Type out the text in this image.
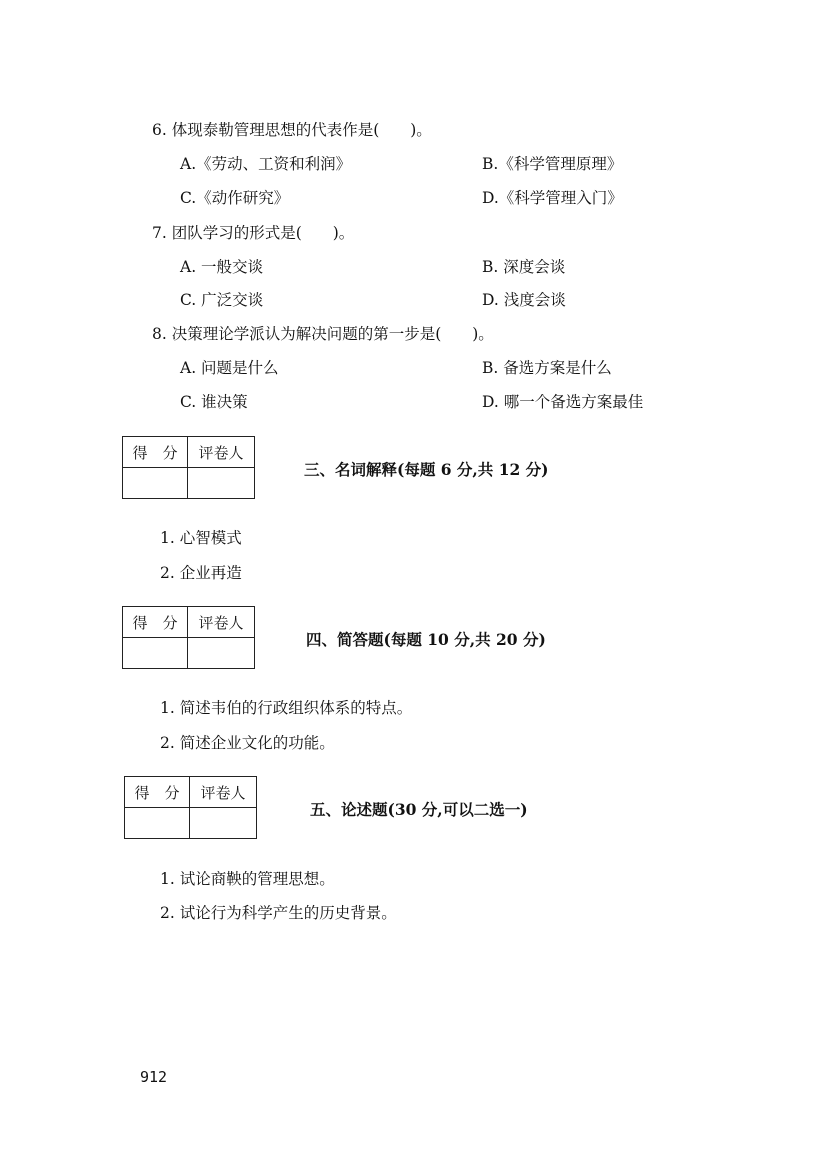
6. 体现泰勒管理思想的代表作是(　　)。
A.《劳动、工资和利润》	B.《科学管理原理》
C.《动作研究》	D.《科学管理入门》
7. 团队学习的形式是(　　)。
A. 一般交谈	B. 深度会谈
C. 广泛交谈	D. 浅度会谈
8. 决策理论学派认为解决问题的第一步是(　　)。
A. 问题是什么	B. 备选方案是什么
C. 谁决策	D. 哪一个备选方案最佳
得　分	评卷人

三、名词解释(每题 6 分,共 12 分)
1. 心智模式
2. 企业再造
得　分	评卷人

四、简答题(每题 10 分,共 20 分)
1. 简述韦伯的行政组织体系的特点。
2. 简述企业文化的功能。
得　分	评卷人

五、论述题(30 分,可以二选一)
1. 试论商鞅的管理思想。
2. 试论行为科学产生的历史背景。
912
